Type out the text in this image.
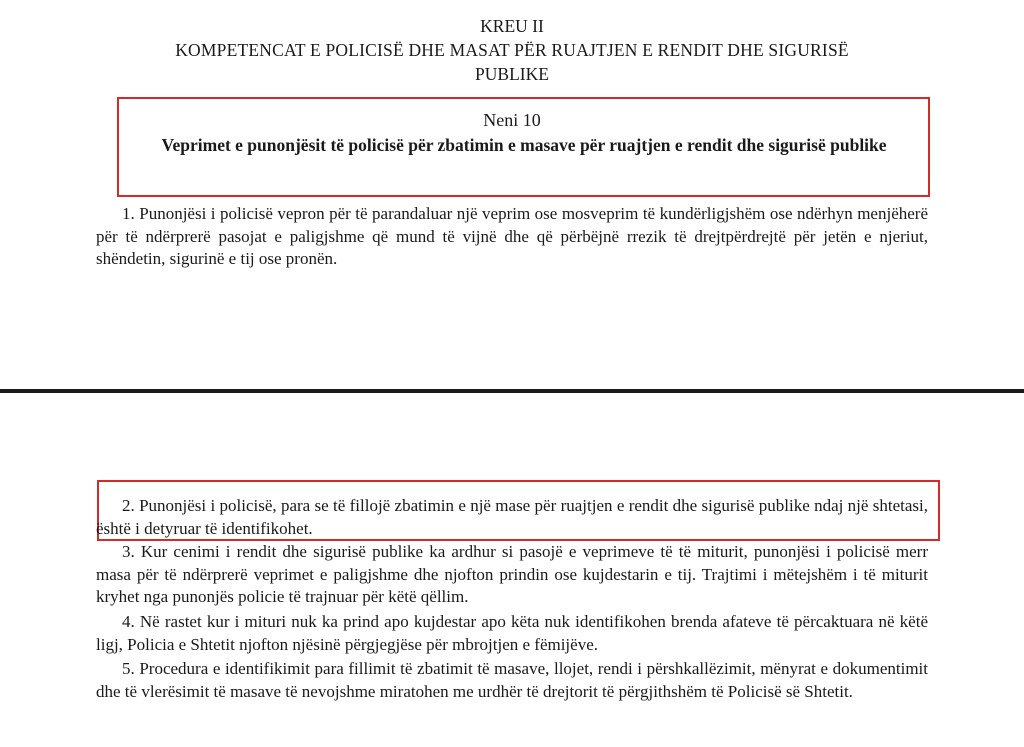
KREU II
KOMPETENCAT E POLICISË DHE MASAT PËR RUAJTJEN E RENDIT DHE SIGURISË
PUBLIKE
Neni 10
Veprimet e punonjësit të policisë për zbatimin e masave për ruajtjen e rendit dhe sigurisë publike
1. Punonjësi i policisë vepron për të parandaluar një veprim ose mosveprim të kundërligjshëm ose ndërhyn menjëherë për të ndërprerë pasojat e paligjshme që mund të vijnë dhe që përbëjnë rrezik të drejtpërdrejtë për jetën e njeriut, shëndetin, sigurinë e tij ose pronën.
2. Punonjësi i policisë, para se të fillojë zbatimin e një mase për ruajtjen e rendit dhe sigurisë publike ndaj një shtetasi, është i detyruar të identifikohet.
3. Kur cenimi i rendit dhe sigurisë publike ka ardhur si pasojë e veprimeve të të miturit, punonjësi i policisë merr masa për të ndërprerë veprimet e paligjshme dhe njofton prindin ose kujdestarin e tij. Trajtimi i mëtejshëm i të miturit kryhet nga punonjës policie të trajnuar për këtë qëllim.
4. Në rastet kur i mituri nuk ka prind apo kujdestar apo këta nuk identifikohen brenda afateve të përcaktuara në këtë ligj, Policia e Shtetit njofton njësinë përgjegjëse për mbrojtjen e fëmijëve.
5. Procedura e identifikimit para fillimit të zbatimit të masave, llojet, rendi i përshkallëzimit, mënyrat e dokumentimit dhe të vlerësimit të masave të nevojshme miratohen me urdhër të drejtorit të përgjithshëm të Policisë së Shtetit.
